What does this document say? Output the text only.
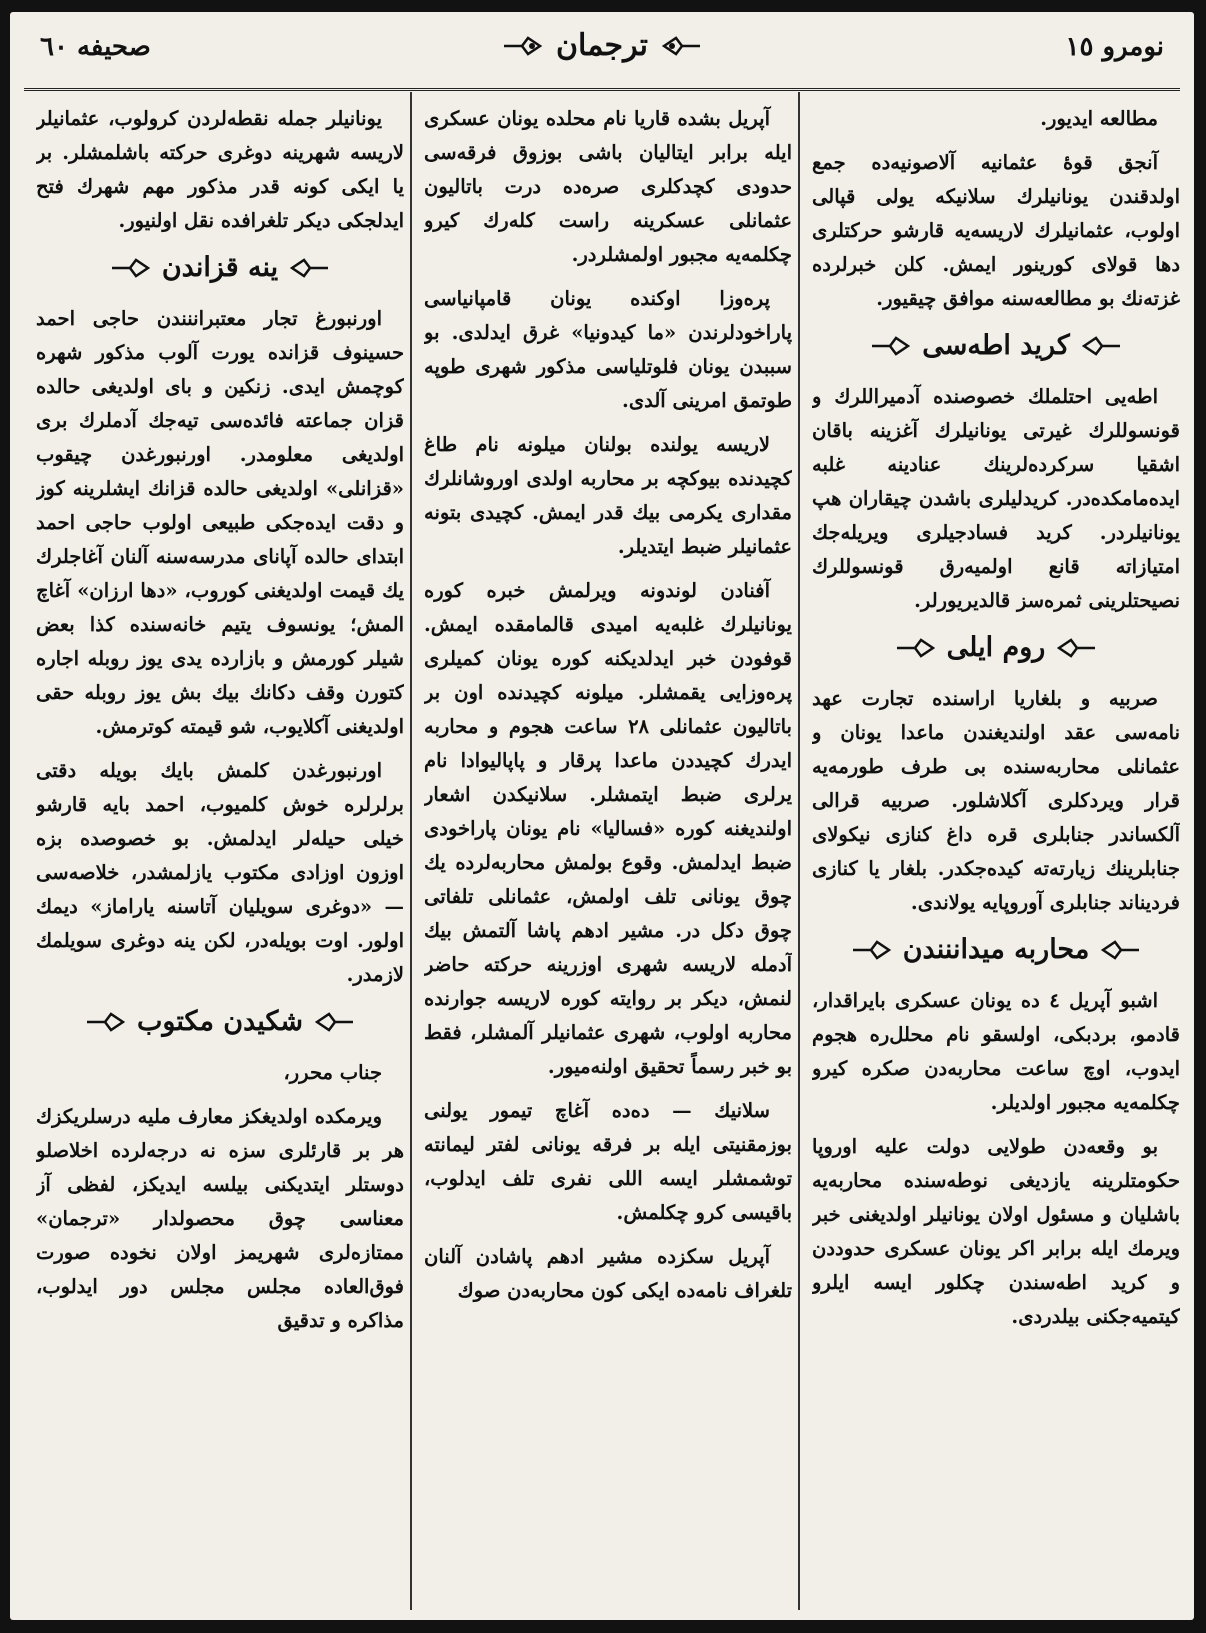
نومرو ١٥
ترجمان
صحيفه ٦٠

مطالعه ايديور.

آنجق قوهٔ عثمانيه آلاصونيه‌ده جمع اولدقندن يونانيلرك سلانيكه يولی قپالی اولوب، عثمانيلرك لاريسه‌يه قارشو حركتلری دها قولای كورينور ايمش. كلن خبرلرده غزته‌نك بو مطالعه‌سنه موافق چيقيور.

كريد اطه‌سی

اطه‌يی احتلملك خصوصنده آدميراللرك و قونسوللرك غيرتی يونانيلرك آغزينه باقان اشقيا سركرده‌لرينك عنادينه غلبه ايده‌مامكده‌در. كريدليلری باشدن چيقاران هپ يونانيلردر. كريد فسادجيلری ويريله‌جك امتيازاته قانع اولميه‌رق قونسوللرك نصيحتلرينی ثمره‌سز قالديريورلر.

روم ايلی

صربيه و بلغاريا اراسنده تجارت عهد نامه‌سی عقد اولنديغندن ماعدا يونان و عثمانلی محاربه‌سنده بی طرف طورمه‌يه قرار ويردكلری آكلاشلور. صربيه قرالی آلكساندر جنابلری قره داغ كنازی نيكولای جنابلرينك زيارته‌ته كيده‌جكدر. بلغار يا كنازی فرديناند جنابلری آوروپايه يولاندی.

محاربه ميداننندن

اشبو آپريل ٤ ده يونان عسكری بايراقدار، قادمو، بردبكی، اولسقو نام محلل‌ره هجوم ايدوب، اوچ ساعت محاربه‌دن صكره كيرو چكلمه‌يه مجبور اولديلر.

بو وقعه‌دن طولايی دولت عليه اوروپا حكومتلرينه يازديغی نوطه‌سنده محاربه‌يه باشليان و مسئول اولان يونانيلر اولديغنی خبر ويرمك ايله برابر اكر يونان عسكری حدوددن و كريد اطه‌سندن چكلور ايسه ايلرو كيتميه‌جكنی بيلدردی.

آپريل بشده قاريا نام محلده يونان عسكری ايله برابر ايتاليان باشی بوزوق فرقه‌سی حدودی كچدكلری صره‌ده درت باتاليون عثمانلی عسكرينه راست كله‌رك كيرو چكلمه‌يه مجبور اولمشلردر.

پره‌وزا اوكنده يونان قامپانياسی پاراخودلرندن «ما كيدونيا» غرق ايدلدی. بو سببدن يونان فلوتلياسی مذكور شهری طوپه طوتمق امرينی آلدی.

لاريسه يولنده بولنان ميلونه نام طاغ كچيدنده بيوكچه بر محاربه اولدی اوروشانلرك مقداری يكرمی بيك قدر ايمش. كچيدی بتونه عثمانيلر ضبط ايتديلر.

آفنادن لوندونه ويرلمش خبره كوره يونانيلرك غلبه‌يه اميدی قالمامقده ايمش. قوفودن خبر ايدلديكنه كوره يونان كميلری پره‌وزايی يقمشلر. ميلونه كچيدنده اون بر باتاليون عثمانلی ٢٨ ساعت هجوم و محاربه ايدرك كچيددن ماعدا پرقار و پاپاليوادا نام يرلری ضبط ايتمشلر. سلانيكدن اشعار اولنديغنه كوره «فساليا» نام يونان پاراخودی ضبط ايدلمش. وقوع بولمش محاربه‌لرده يك چوق يونانی تلف اولمش، عثمانلی تلفاتی چوق دكل در. مشير ادهم پاشا آلتمش بيك آدمله لاريسه شهری اوزرينه حركته حاضر لنمش، ديكر بر روايته كوره لاريسه جوارنده محاربه اولوب، شهری عثمانيلر آلمشلر، فقط بو خبر رسماً تحقيق اولنه‌ميور.

سلانيك — ده‌ده آغاچ تيمور يولنی بوزمقنيتی ايله بر فرقه يونانی لفتر ليمانته توشمشلر ايسه اللی نفری تلف ايدلوب، باقيسی كرو چكلمش.

آپريل سكزده مشير ادهم پاشادن آلنان تلغراف نامه‌ده ايكی كون محاربه‌دن صوك

يونانيلر جمله نقطه‌لردن كرولوب، عثمانيلر لاريسه شهرينه دوغری حركته باشلمشلر. بر يا ايكی كونه قدر مذكور مهم شهرك فتح ايدلجكی ديكر تلغرافده نقل اولنيور.

ينه قزاندن

اورنبورغ تجار معتبراننندن حاجی احمد حسينوف قزانده يورت آلوب مذكور شهره كوچمش ايدی. زنكين و بای اولديغی حالده قزان جماعته فائده‌سی تيه‌جك آدملرك بری اولديغی معلومدر. اورنبورغدن چيقوب «قزانلی» اولديغی حالده قزانك ايشلرينه كوز و دقت ايده‌جكی طبيعی اولوب حاجی احمد ابتدای حالده آپانای مدرسه‌سنه آلنان آغاجلرك يك قيمت اولديغنی كوروب، «دها ارزان» آغاچ المش؛ يونسوف يتيم خانه‌سنده كذا بعض شيلر كورمش و بازارده يدی يوز روبله اجاره كتورن وقف دكانك بيك بش يوز روبله حقی اولديغنی آكلايوب، شو قيمته كوترمش.

اورنبورغدن كلمش بايك بويله دقتی برلرلره خوش كلميوب، احمد بايه قارشو خيلی حيله‌لر ايدلمش. بو خصوصده بزه اوزون اوزادی مكتوب يازلمشدر، خلاصه‌سی — «دوغری سويليان آتاسنه ياراماز» ديمك اولور. اوت بويله‌در، لكن ينه دوغری سويلمك لازمدر.

شكيدن مكتوب

جناب محرر،

ويرمكده اولديغكز معارف مليه درسلريكزك هر بر قارئلری سزه نه درجه‌لرده اخلاصلو دوستلر ايتديكنی بيلسه ايديكز، لفظی آز معناسی چوق محصولدار «ترجمان» ممتازه‌لری شهريمز اولان نخوده صورت فوق‌العاده مجلس مجلس دور ايدلوب، مذاكره و تدقيق
